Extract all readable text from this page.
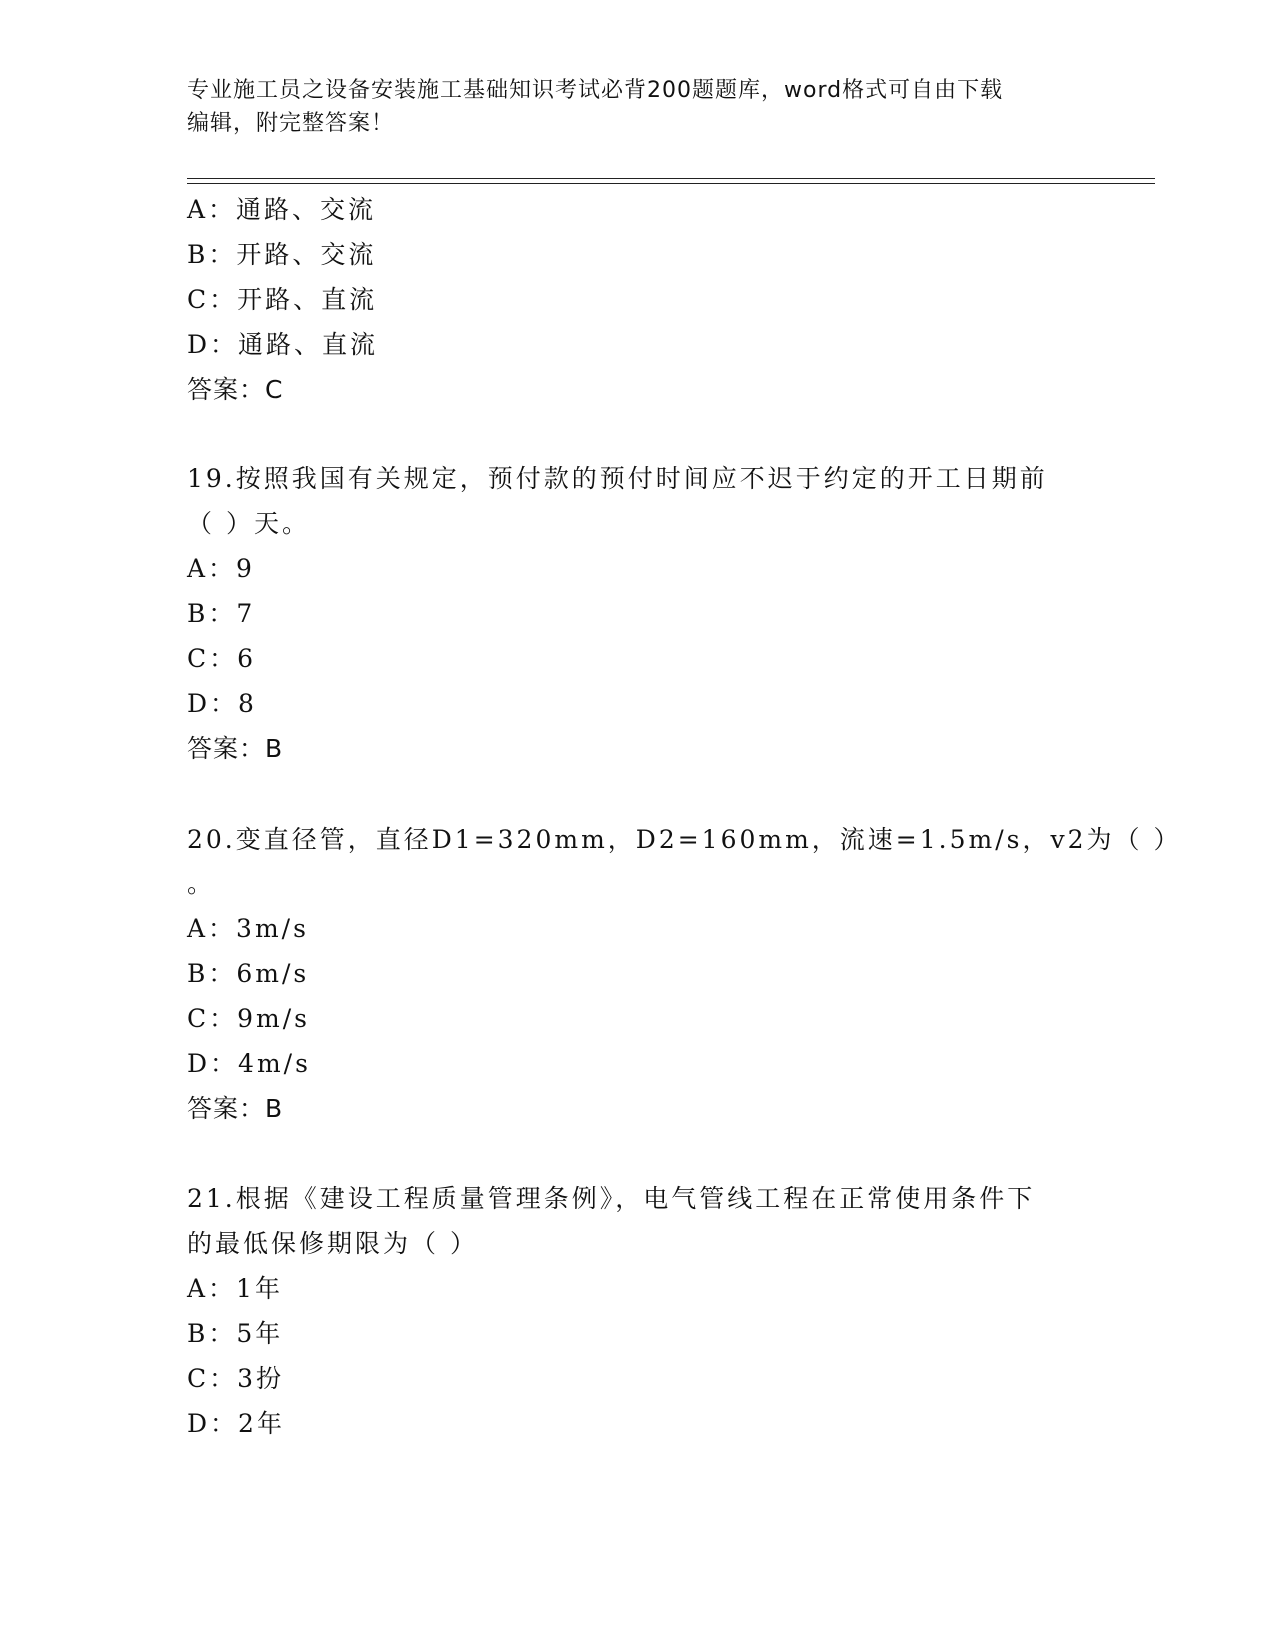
专业施工员之设备安装施工基础知识考试必背200题题库，word格式可自由下载
编辑，附完整答案！
A：通路、交流
B：开路、交流
C：开路、直流
D：通路、直流
答案：C
19.按照我国有关规定，预付款的预付时间应不迟于约定的开工日期前
（ ）天。
A：9
B：7
C：6
D：8
答案：B
20.变直径管，直径D1=320mm，D2=160mm，流速=1.5m/s，v2为（ ）
。
A：3m/s
B：6m/s
C：9m/s
D：4m/s
答案：B
21.根据《建设工程质量管理条例》，电气管线工程在正常使用条件下
的最低保修期限为（ ）
A：1年
B：5年
C：3扮
D：2年
